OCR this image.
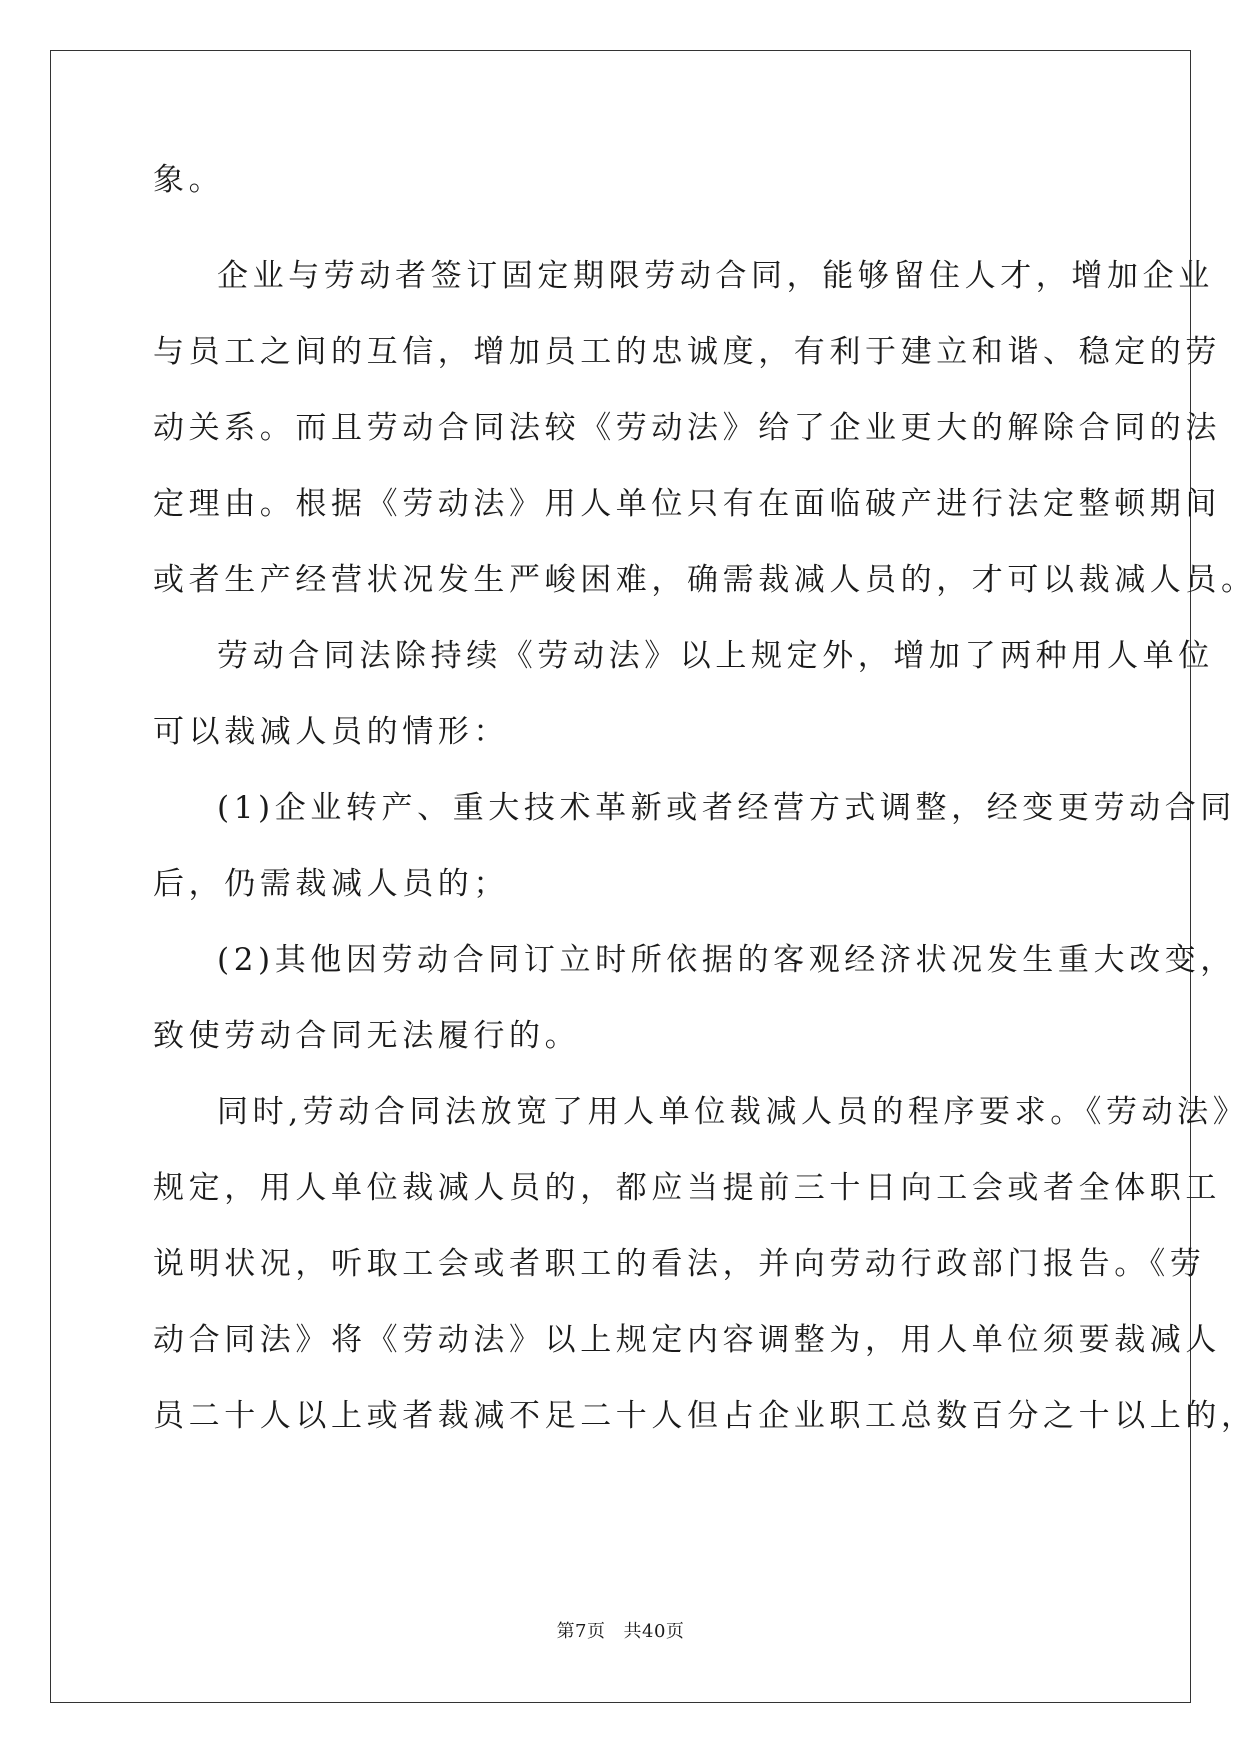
象。
企业与劳动者签订固定期限劳动合同，能够留住人才，增加企业
与员工之间的互信，增加员工的忠诚度，有利于建立和谐、稳定的劳
动关系。而且劳动合同法较《劳动法》给了企业更大的解除合同的法
定理由。根据《劳动法》用人单位只有在面临破产进行法定整顿期间
或者生产经营状况发生严峻困难，确需裁减人员的，才可以裁减人员。
劳动合同法除持续《劳动法》以上规定外，增加了两种用人单位
可以裁减人员的情形：
(1)企业转产、重大技术革新或者经营方式调整，经变更劳动合同
后，仍需裁减人员的；
(2)其他因劳动合同订立时所依据的客观经济状况发生重大改变，
致使劳动合同无法履行的。
同时,劳动合同法放宽了用人单位裁减人员的程序要求。《劳动法》
规定，用人单位裁减人员的，都应当提前三十日向工会或者全体职工
说明状况，听取工会或者职工的看法，并向劳动行政部门报告。《劳
动合同法》将《劳动法》以上规定内容调整为，用人单位须要裁减人
员二十人以上或者裁减不足二十人但占企业职工总数百分之十以上的，
第7页 共40页
